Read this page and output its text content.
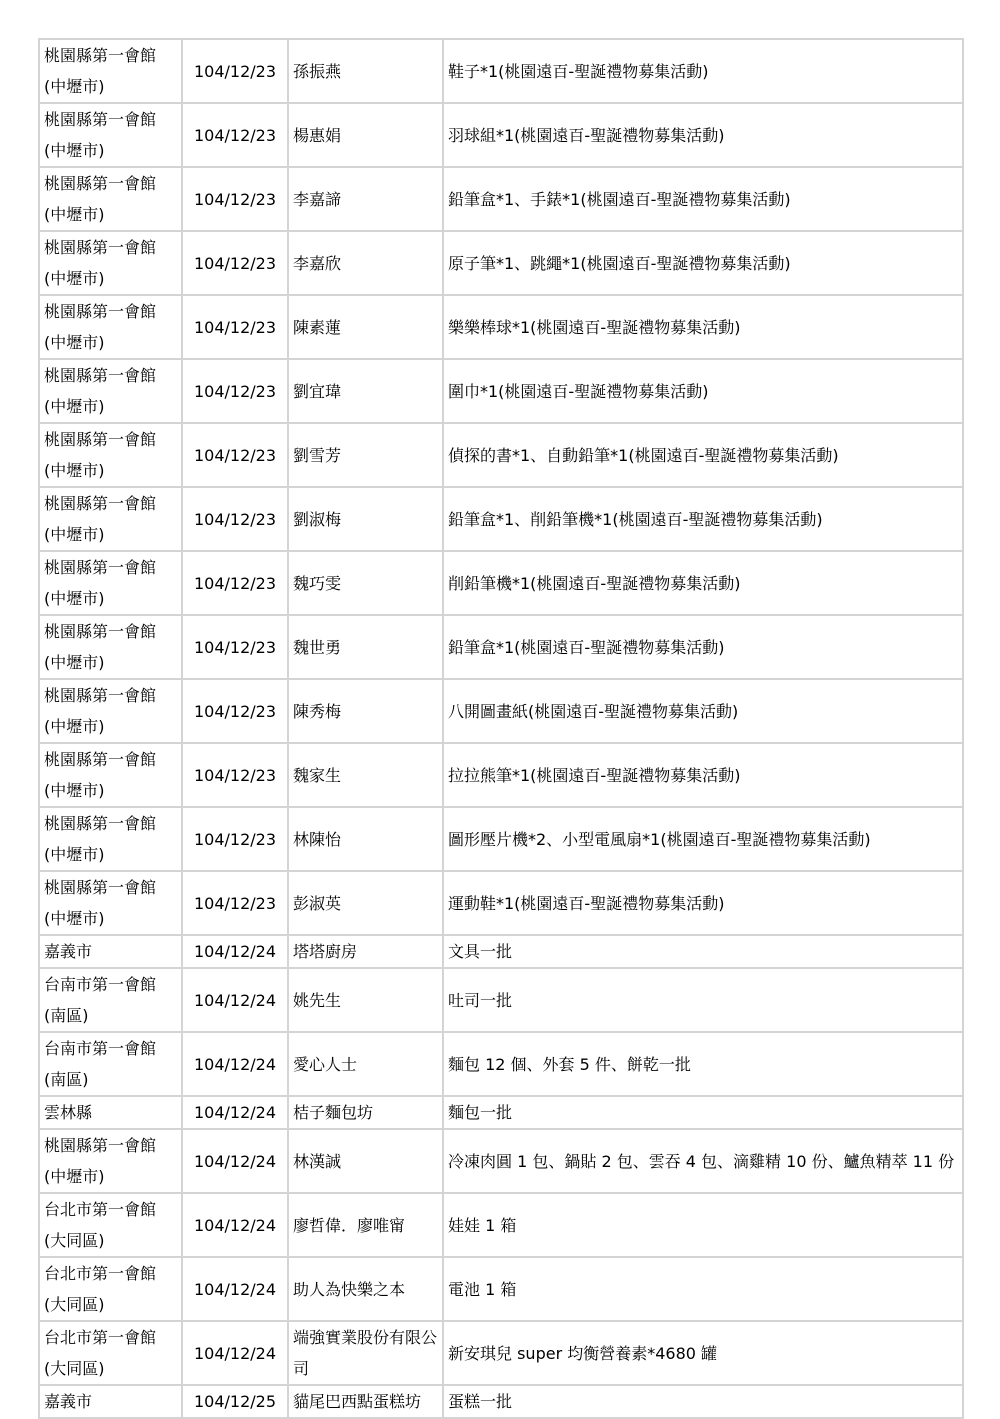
桃園縣第一會館
(中壢市)	104/12/23	孫振燕	鞋子*1(桃園遠百-聖誕禮物募集活動)
桃園縣第一會館
(中壢市)	104/12/23	楊惠娟	羽球組*1(桃園遠百-聖誕禮物募集活動)
桃園縣第一會館
(中壢市)	104/12/23	李嘉諦	鉛筆盒*1、手錶*1(桃園遠百-聖誕禮物募集活動)
桃園縣第一會館
(中壢市)	104/12/23	李嘉欣	原子筆*1、跳繩*1(桃園遠百-聖誕禮物募集活動)
桃園縣第一會館
(中壢市)	104/12/23	陳素蓮	樂樂棒球*1(桃園遠百-聖誕禮物募集活動)
桃園縣第一會館
(中壢市)	104/12/23	劉宜瑋	圍巾*1(桃園遠百-聖誕禮物募集活動)
桃園縣第一會館
(中壢市)	104/12/23	劉雪芳	偵探的書*1、自動鉛筆*1(桃園遠百-聖誕禮物募集活動)
桃園縣第一會館
(中壢市)	104/12/23	劉淑梅	鉛筆盒*1、削鉛筆機*1(桃園遠百-聖誕禮物募集活動)
桃園縣第一會館
(中壢市)	104/12/23	魏巧雯	削鉛筆機*1(桃園遠百-聖誕禮物募集活動)
桃園縣第一會館
(中壢市)	104/12/23	魏世勇	鉛筆盒*1(桃園遠百-聖誕禮物募集活動)
桃園縣第一會館
(中壢市)	104/12/23	陳秀梅	八開圖畫紙(桃園遠百-聖誕禮物募集活動)
桃園縣第一會館
(中壢市)	104/12/23	魏家生	拉拉熊筆*1(桃園遠百-聖誕禮物募集活動)
桃園縣第一會館
(中壢市)	104/12/23	林陳怡	圖形壓片機*2、小型電風扇*1(桃園遠百-聖誕禮物募集活動)
桃園縣第一會館
(中壢市)	104/12/23	彭淑英	運動鞋*1(桃園遠百-聖誕禮物募集活動)
嘉義市	104/12/24	塔塔廚房	文具一批
台南市第一會館
(南區)	104/12/24	姚先生	吐司一批
台南市第一會館
(南區)	104/12/24	愛心人士	麵包 12 個、外套 5 件、餅乾一批
雲林縣	104/12/24	桔子麵包坊	麵包一批
桃園縣第一會館
(中壢市)	104/12/24	林漢誠	冷凍肉圓 1 包、鍋貼 2 包、雲吞 4 包、滴雞精 10 份、鱸魚精萃 11 份
台北市第一會館
(大同區)	104/12/24	廖哲偉．廖唯甯	娃娃 1 箱
台北市第一會館
(大同區)	104/12/24	助人為快樂之本	電池 1 箱
台北市第一會館
(大同區)	104/12/24	端強實業股份有限公司	新安琪兒 super 均衡營養素*4680 罐
嘉義市	104/12/25	貓尾巴西點蛋糕坊	蛋糕一批
